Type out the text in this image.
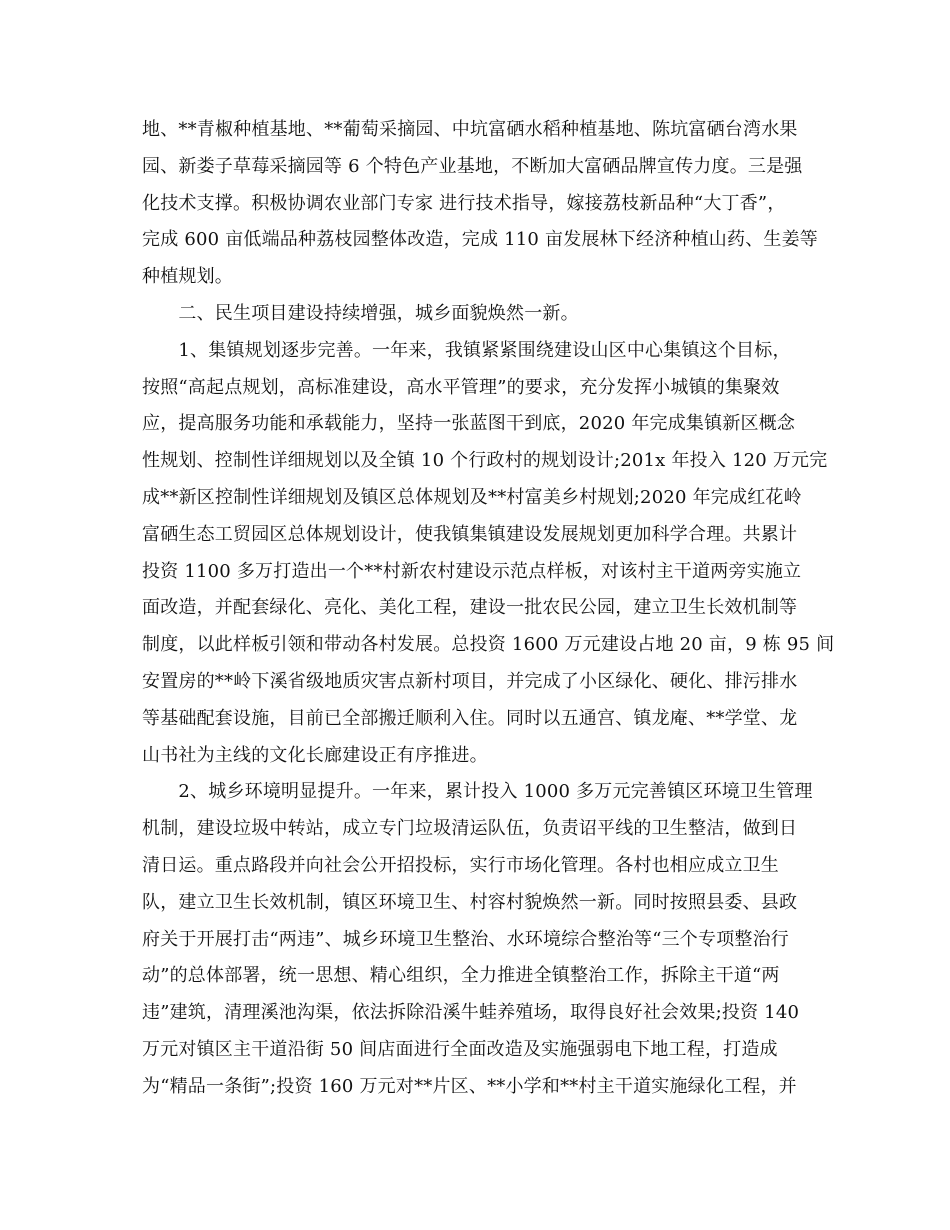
地、**青椒种植基地、**葡萄采摘园、中坑富硒水稻种植基地、陈坑富硒台湾水果
园、新娄子草莓采摘园等 6 个特色产业基地，不断加大富硒品牌宣传力度。三是强
化技术支撑。积极协调农业部门专家 进行技术指导，嫁接荔枝新品种“大丁香”，
完成 600 亩低端品种荔枝园整体改造，完成 110 亩发展林下经济种植山药、生姜等
种植规划。
　　二、民生项目建设持续增强，城乡面貌焕然一新。
　　1、集镇规划逐步完善。一年来，我镇紧紧围绕建设山区中心集镇这个目标，
按照“高起点规划，高标准建设，高水平管理”的要求，充分发挥小城镇的集聚效
应，提高服务功能和承载能力，坚持一张蓝图干到底，2020 年完成集镇新区概念
性规划、控制性详细规划以及全镇 10 个行政村的规划设计;201x 年投入 120 万元完
成**新区控制性详细规划及镇区总体规划及**村富美乡村规划;2020 年完成红花岭
富硒生态工贸园区总体规划设计，使我镇集镇建设发展规划更加科学合理。共累计
投资 1100 多万打造出一个**村新农村建设示范点样板，对该村主干道两旁实施立
面改造，并配套绿化、亮化、美化工程，建设一批农民公园，建立卫生长效机制等
制度，以此样板引领和带动各村发展。总投资 1600 万元建设占地 20 亩，9 栋 95 间
安置房的**岭下溪省级地质灾害点新村项目，并完成了小区绿化、硬化、排污排水
等基础配套设施，目前已全部搬迁顺利入住。同时以五通宫、镇龙庵、**学堂、龙
山书社为主线的文化长廊建设正有序推进。
　　2、城乡环境明显提升。一年来，累计投入 1000 多万元完善镇区环境卫生管理
机制，建设垃圾中转站，成立专门垃圾清运队伍，负责诏平线的卫生整洁，做到日
清日运。重点路段并向社会公开招投标，实行市场化管理。各村也相应成立卫生
队，建立卫生长效机制，镇区环境卫生、村容村貌焕然一新。同时按照县委、县政
府关于开展打击“两违”、城乡环境卫生整治、水环境综合整治等“三个专项整治行
动”的总体部署，统一思想、精心组织，全力推进全镇整治工作，拆除主干道“两
违”建筑，清理溪池沟渠，依法拆除沿溪牛蛙养殖场，取得良好社会效果;投资 140
万元对镇区主干道沿街 50 间店面进行全面改造及实施强弱电下地工程，打造成
为“精品一条街”;投资 160 万元对**片区、**小学和**村主干道实施绿化工程，并
